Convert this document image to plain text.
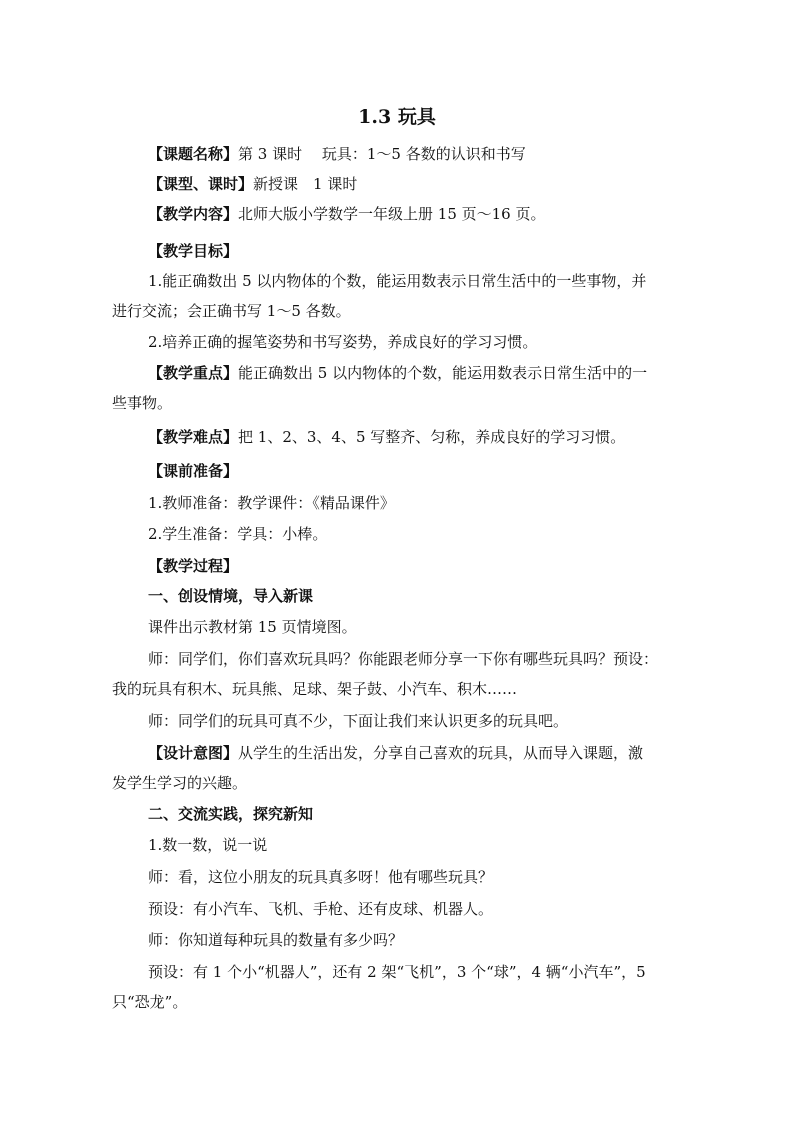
1.3 玩具
【课题名称】第 3 课时　 玩具：1～5 各数的认识和书写
【课型、课时】新授课　1 课时
【教学内容】北师大版小学数学一年级上册 15 页～16 页。
【教学目标】
1.能正确数出 5 以内物体的个数，能运用数表示日常生活中的一些事物，并
进行交流；会正确书写 1～5 各数。
2.培养正确的握笔姿势和书写姿势，养成良好的学习习惯。
【教学重点】能正确数出 5 以内物体的个数，能运用数表示日常生活中的一
些事物。
【教学难点】把 1、2、3、4、5 写整齐、匀称，养成良好的学习习惯。
【课前准备】
1.教师准备：教学课件：《精品课件》
2.学生准备：学具：小棒。
【教学过程】
一、创设情境，导入新课
课件出示教材第 15 页情境图。
师：同学们，你们喜欢玩具吗？你能跟老师分享一下你有哪些玩具吗？预设：
我的玩具有积木、玩具熊、足球、架子鼓、小汽车、积木……
师：同学们的玩具可真不少，下面让我们来认识更多的玩具吧。
【设计意图】从学生的生活出发，分享自己喜欢的玩具，从而导入课题，激
发学生学习的兴趣。
二、交流实践，探究新知
1.数一数，说一说
师：看，这位小朋友的玩具真多呀！他有哪些玩具？
预设：有小汽车、飞机、手枪、还有皮球、机器人。
师：你知道每种玩具的数量有多少吗？
预设：有 1 个小“机器人”，还有 2 架“飞机”，3 个“球”，4 辆“小汽车”，5
只“恐龙”。
